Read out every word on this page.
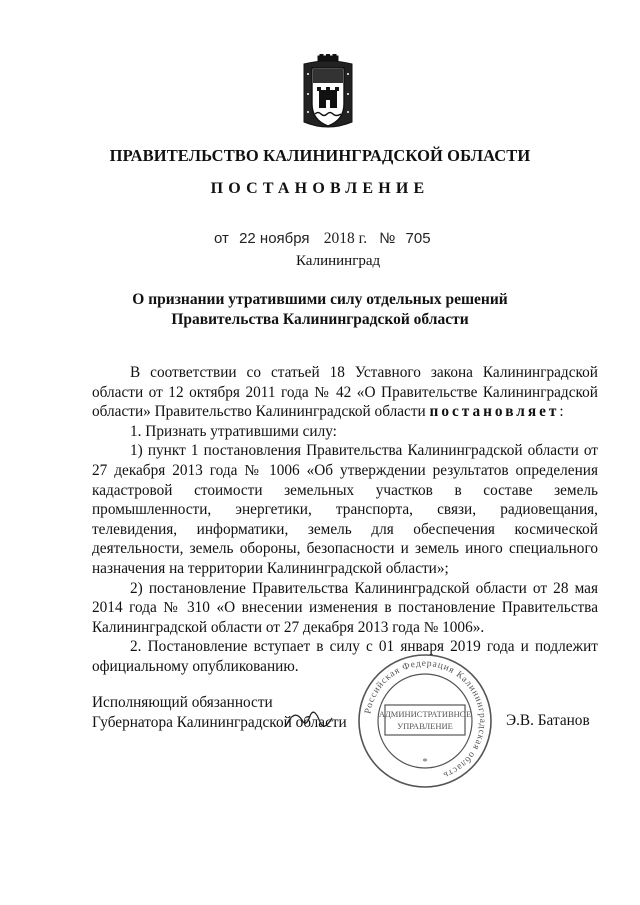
ПРАВИТЕЛЬСТВО КАЛИНИНГРАДСКОЙ ОБЛАСТИ
ПОСТАНОВЛЕНИЕ
от 22 ноября 2018 г. № 705
Калининград
О признании утратившими силу отдельных решений
Правительства Калининградской области

В соответствии со статьей 18 Уставного закона Калининградской области от 12 октября 2011 года № 42 «О Правительстве Калининградской области» Правительство Калининградской области постановляет:

1. Признать утратившими силу:

1) пункт 1 постановления Правительства Калининградской области от 27 декабря 2013 года № 1006 «Об утверждении результатов определения кадастровой стоимости земельных участков в составе земель промышленности, энергетики, транспорта, связи, радиовещания, телевидения, информатики, земель для обеспечения космической деятельности, земель обороны, безопасности и земель иного специального назначения на территории Калининградской области»;

2) постановление Правительства Калининградской области от 28 мая 2014 года № 310 «О внесении изменения в постановление Правительства Калининградской области от 27 декабря 2013 года № 1006».

2. Постановление вступает в силу с 01 января 2019 года и подлежит официальному опубликованию.

Исполняющий обязанности
Губернатора Калининградской области
Российская Федерация Калининградская область
АДМИНИСТРАТИВНОЕ
УПРАВЛЕНИЕ
*
Э.В. Батанов
